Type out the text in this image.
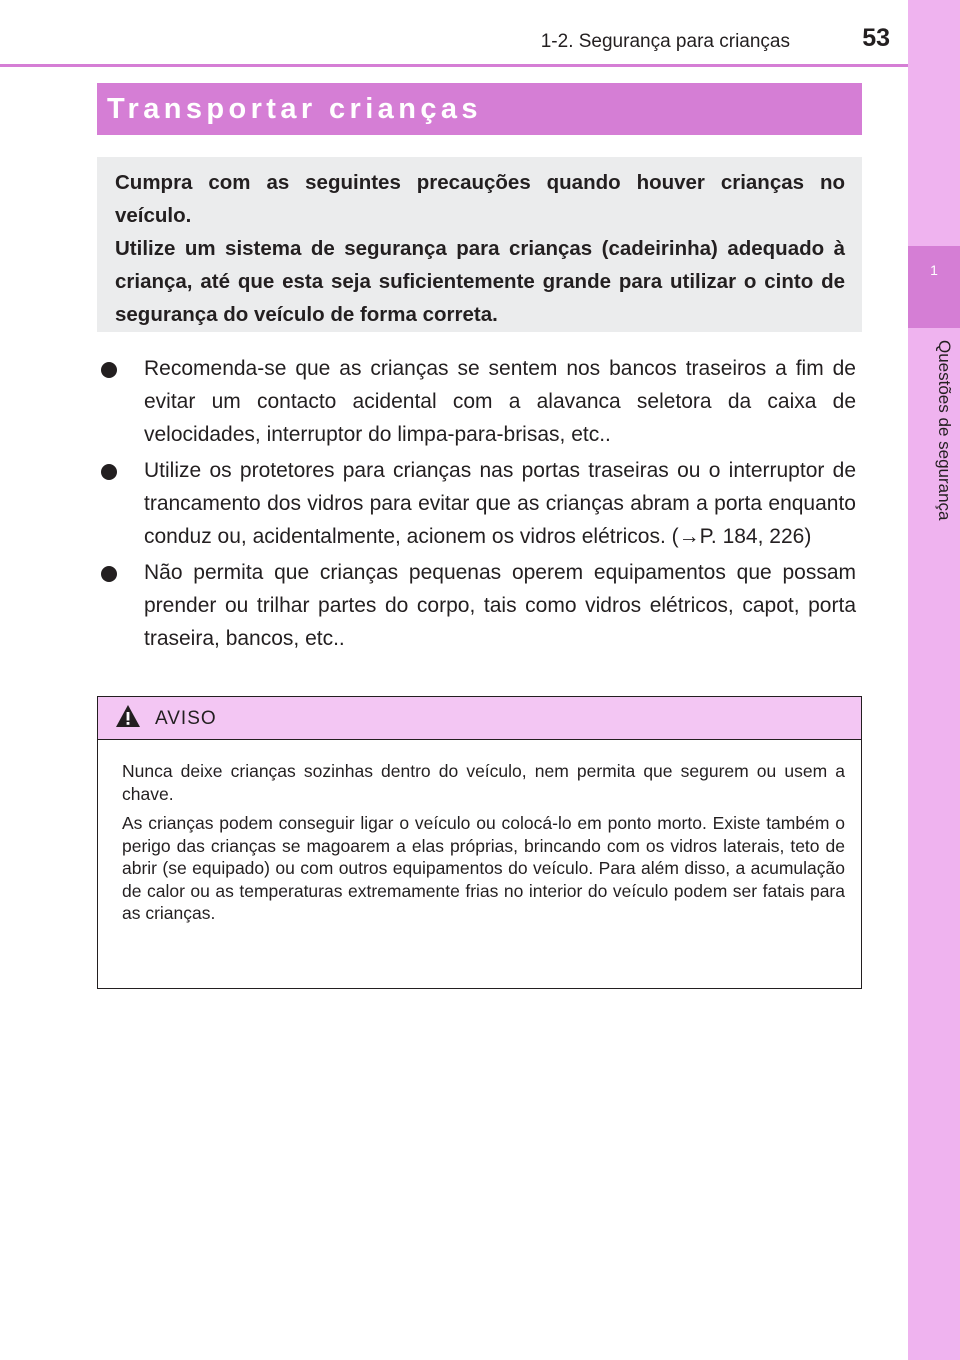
1
Questões de segurança
1-2. Segurança para crianças	53
Transportar crianças

Cumpra com as seguintes precauções quando houver crianças no veículo.

Utilize um sistema de segurança para crianças (cadeirinha) adequado à criança, até que esta seja suficientemente grande para utilizar o cinto de segurança do veículo de forma correta.

Recomenda-se que as crianças se sentem nos bancos traseiros a fim de evitar um contacto acidental com a alavanca seletora da caixa de velocidades, interruptor do limpa-para-brisas, etc..

Utilize os protetores para crianças nas portas traseiras ou o interruptor de trancamento dos vidros para evitar que as crianças abram a porta enquanto conduz ou, acidentalmente, acionem os vidros elétricos. (→P. 184, 226)

Não permita que crianças pequenas operem equipamentos que possam prender ou trilhar partes do corpo, tais como vidros elétricos, capot, porta traseira, bancos, etc..

AVISO

Nunca deixe crianças sozinhas dentro do veículo, nem permita que segurem ou usem a chave.

As crianças podem conseguir ligar o veículo ou colocá-lo em ponto morto. Existe também o perigo das crianças se magoarem a elas próprias, brincando com os vidros laterais, teto de abrir (se equipado) ou com outros equipamentos do veículo. Para além disso, a acumulação de calor ou as temperaturas extremamente frias no interior do veículo podem ser fatais para as crianças.
